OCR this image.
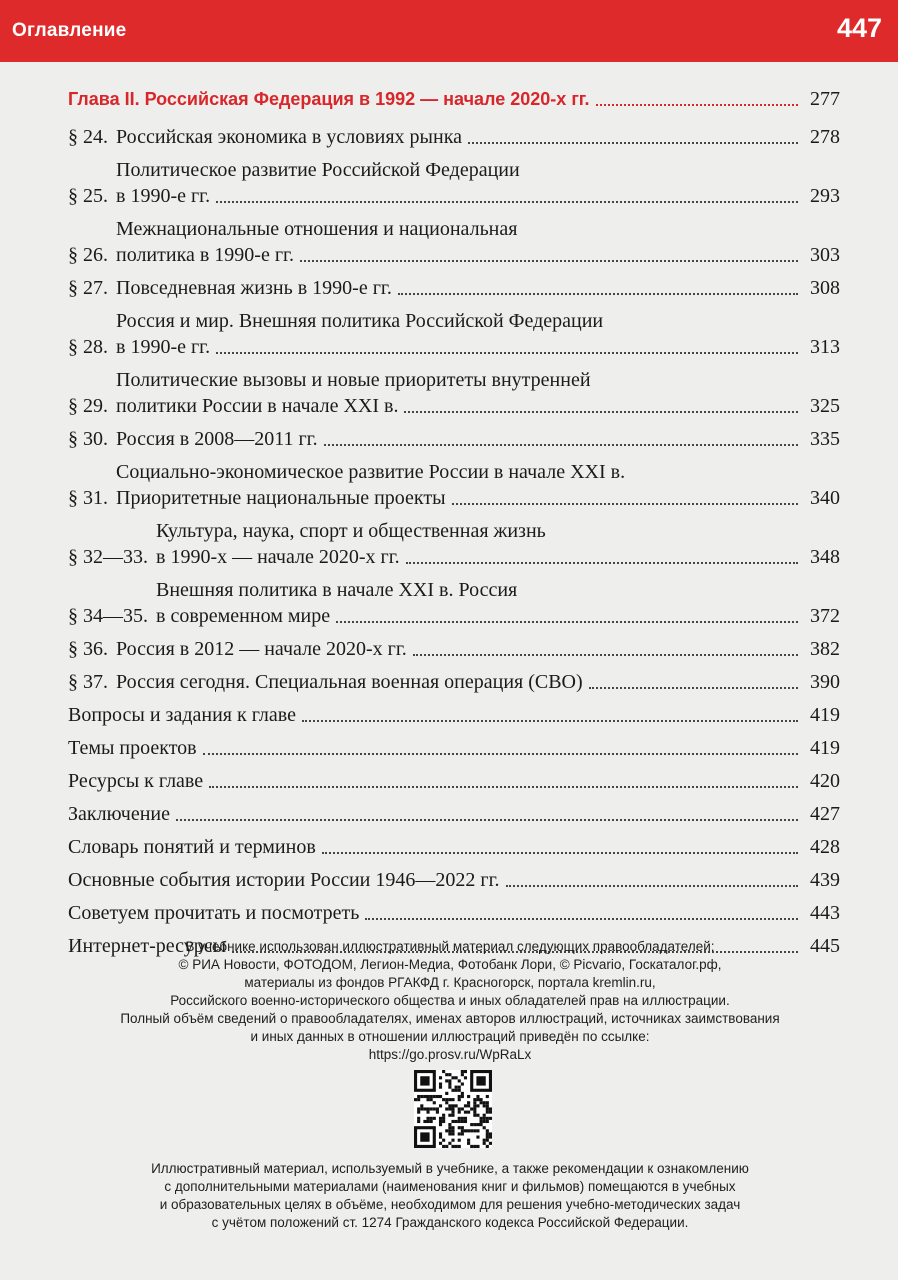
Оглавление	447
Глава II. Российская Федерация в 1992 — начале 2020-х гг.	277
§ 24. Российская экономика в условиях рынка	278
§ 25.
Политическое развитие Российской Федерации
в 1990-е гг.	293
§ 26.
Межнациональные отношения и национальная
политика в 1990-е гг.	303
§ 27. Повседневная жизнь в 1990-е гг.	308
§ 28.
Россия и мир. Внешняя политика Российской Федерации
в 1990-е гг.	313
§ 29.
Политические вызовы и новые приоритеты внутренней
политики России в начале XXI в.	325
§ 30. Россия в 2008—2011 гг.	335
§ 31.
Социально-экономическое развитие России в начале XXI в.
Приоритетные национальные проекты	340
§ 32—33.
Культура, наука, спорт и общественная жизнь
в 1990-х — начале 2020-х гг.	348
§ 34—35.
Внешняя политика в начале XXI в. Россия
в современном мире	372
§ 36. Россия в 2012 — начале 2020-х гг.	382
§ 37. Россия сегодня. Специальная военная операция (СВО)	390
Вопросы и задания к главе	419
Темы проектов	419
Ресурсы к главе	420
Заключение	427
Словарь понятий и терминов	428
Основные события истории России 1946—2022 гг.	439
Советуем прочитать и посмотреть	443
Интернет-ресурсы	445
В учебнике использован иллюстративный материал следующих правообладателей:
© РИА Новости, ФОТОДОМ, Легион-Медиа, Фотобанк Лори, © Picvario, Госкаталог.рф,
материалы из фондов РГАКФД г. Красногорск, портала kremlin.ru,
Российского военно-исторического общества и иных обладателей прав на иллюстрации.
Полный объём сведений о правообладателях, именах авторов иллюстраций, источниках заимствования
и иных данных в отношении иллюстраций приведён по ссылке:
https://go.prosv.ru/WpRaLx
Иллюстративный материал, используемый в учебнике, а также рекомендации к ознакомлению
с дополнительными материалами (наименования книг и фильмов) помещаются в учебных
и образовательных целях в объёме, необходимом для решения учебно-методических задач
с учётом положений ст. 1274 Гражданского кодекса Российской Федерации.
